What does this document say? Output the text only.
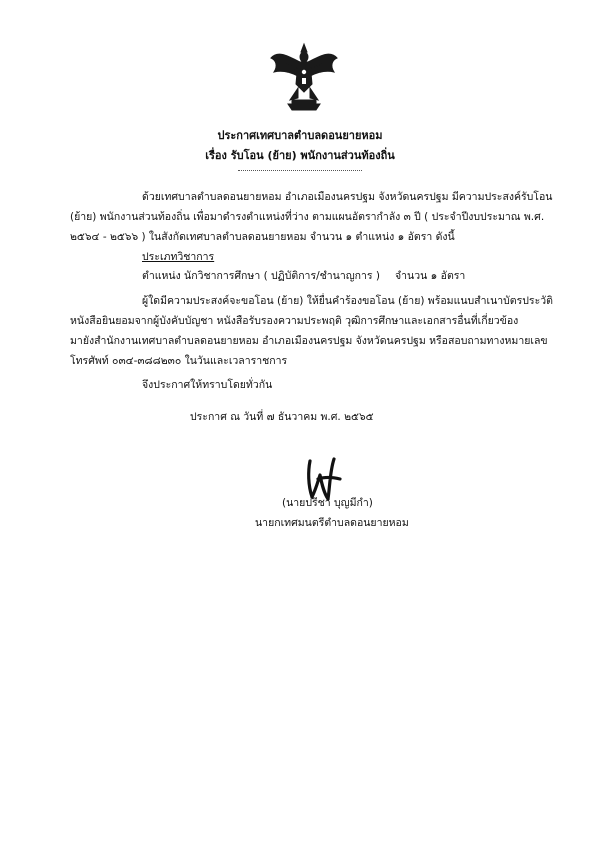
ประกาศเทศบาลตำบลดอนยายหอม
เรื่อง รับโอน (ย้าย) พนักงานส่วนท้องถิ่น
ด้วยเทศบาลตำบลดอนยายหอม อำเภอเมืองนครปฐม จังหวัดนครปฐม มีความประสงค์รับโอน
(ย้าย) พนักงานส่วนท้องถิ่น เพื่อมาดำรงตำแหน่งที่ว่าง ตามแผนอัตรากำลัง ๓ ปี ( ประจำปีงบประมาณ พ.ศ.
๒๕๖๔ - ๒๕๖๖ ) ในสังกัดเทศบาลตำบลดอนยายหอม จำนวน ๑ ตำแหน่ง ๑ อัตรา ดังนี้
ประเภทวิชาการ
ตำแหน่ง นักวิชาการศึกษา ( ปฏิบัติการ/ชำนาญการ ) จำนวน ๑ อัตรา
ผู้ใดมีความประสงค์จะขอโอน (ย้าย) ให้ยื่นคำร้องขอโอน (ย้าย) พร้อมแนบสำเนาบัตรประวัติ
หนังสือยินยอมจากผู้บังคับบัญชา หนังสือรับรองความประพฤติ วุฒิการศึกษาและเอกสารอื่นที่เกี่ยวข้อง
มายังสำนักงานเทศบาลตำบลดอนยายหอม อำเภอเมืองนครปฐม จังหวัดนครปฐม หรือสอบถามทางหมายเลข
โทรศัพท์ ๐๓๔-๓๘๘๒๓๐ ในวันและเวลาราชการ
จึงประกาศให้ทราบโดยทั่วกัน
ประกาศ ณ วันที่ ๗ ธันวาคม พ.ศ. ๒๕๖๕
(นายปรีชา บุญมีกำ)
นายกเทศมนตรีตำบลดอนยายหอม
